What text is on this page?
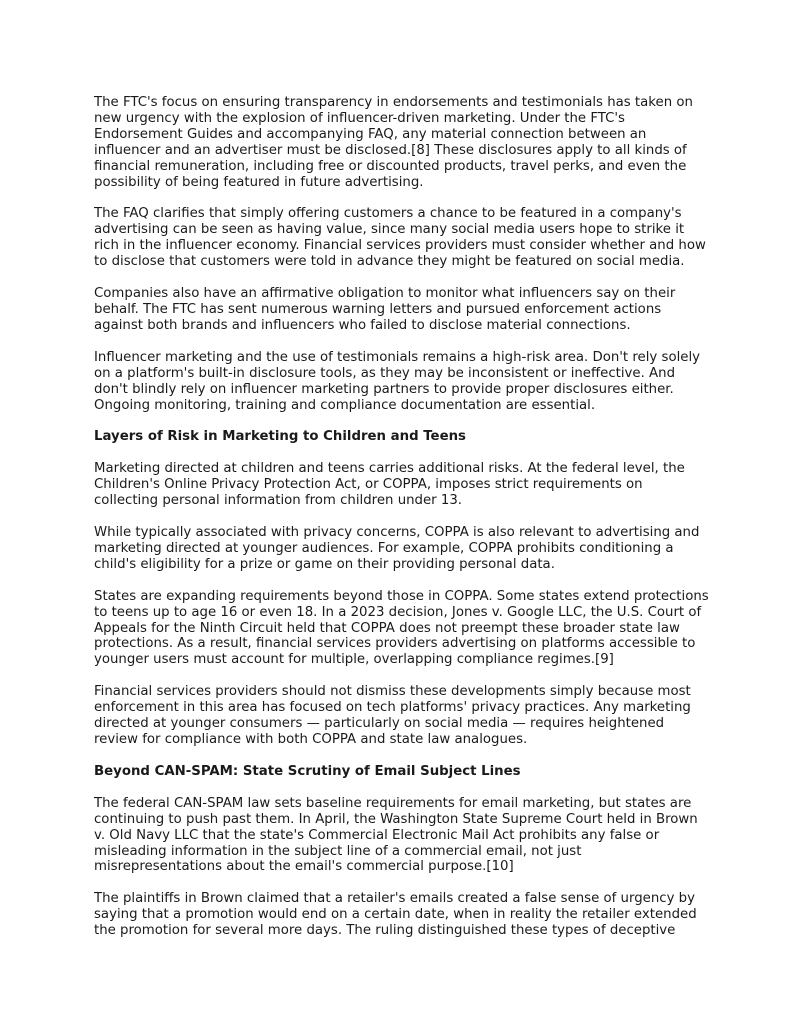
The FTC's focus on ensuring transparency in endorsements and testimonials has taken on new urgency with the explosion of influencer-driven marketing. Under the FTC's Endorsement Guides and accompanying FAQ, any material connection between an influencer and an advertiser must be disclosed.[8] These disclosures apply to all kinds of financial remuneration, including free or discounted products, travel perks, and even the possibility of being featured in future advertising.

The FAQ clarifies that simply offering customers a chance to be featured in a company's advertising can be seen as having value, since many social media users hope to strike it rich in the influencer economy. Financial services providers must consider whether and how to disclose that customers were told in advance they might be featured on social media.

Companies also have an affirmative obligation to monitor what influencers say on their behalf. The FTC has sent numerous warning letters and pursued enforcement actions against both brands and influencers who failed to disclose material connections.

Influencer marketing and the use of testimonials remains a high-risk area. Don't rely solely on a platform's built-in disclosure tools, as they may be inconsistent or ineffective. And don't blindly rely on influencer marketing partners to provide proper disclosures either. Ongoing monitoring, training and compliance documentation are essential.

Layers of Risk in Marketing to Children and Teens

Marketing directed at children and teens carries additional risks. At the federal level, the Children's Online Privacy Protection Act, or COPPA, imposes strict requirements on collecting personal information from children under 13.

While typically associated with privacy concerns, COPPA is also relevant to advertising and marketing directed at younger audiences. For example, COPPA prohibits conditioning a child's eligibility for a prize or game on their providing personal data.

States are expanding requirements beyond those in COPPA. Some states extend protections to teens up to age 16 or even 18. In a 2023 decision, Jones v. Google LLC, the U.S. Court of Appeals for the Ninth Circuit held that COPPA does not preempt these broader state law protections. As a result, financial services providers advertising on platforms accessible to younger users must account for multiple, overlapping compliance regimes.[9]

Financial services providers should not dismiss these developments simply because most enforcement in this area has focused on tech platforms' privacy practices. Any marketing directed at younger consumers — particularly on social media — requires heightened review for compliance with both COPPA and state law analogues.

Beyond CAN-SPAM: State Scrutiny of Email Subject Lines

The federal CAN-SPAM law sets baseline requirements for email marketing, but states are continuing to push past them. In April, the Washington State Supreme Court held in Brown v. Old Navy LLC that the state's Commercial Electronic Mail Act prohibits any false or misleading information in the subject line of a commercial email, not just misrepresentations about the email's commercial purpose.[10]

The plaintiffs in Brown claimed that a retailer's emails created a false sense of urgency by saying that a promotion would end on a certain date, when in reality the retailer extended the promotion for several more days. The ruling distinguished these types of deceptive
